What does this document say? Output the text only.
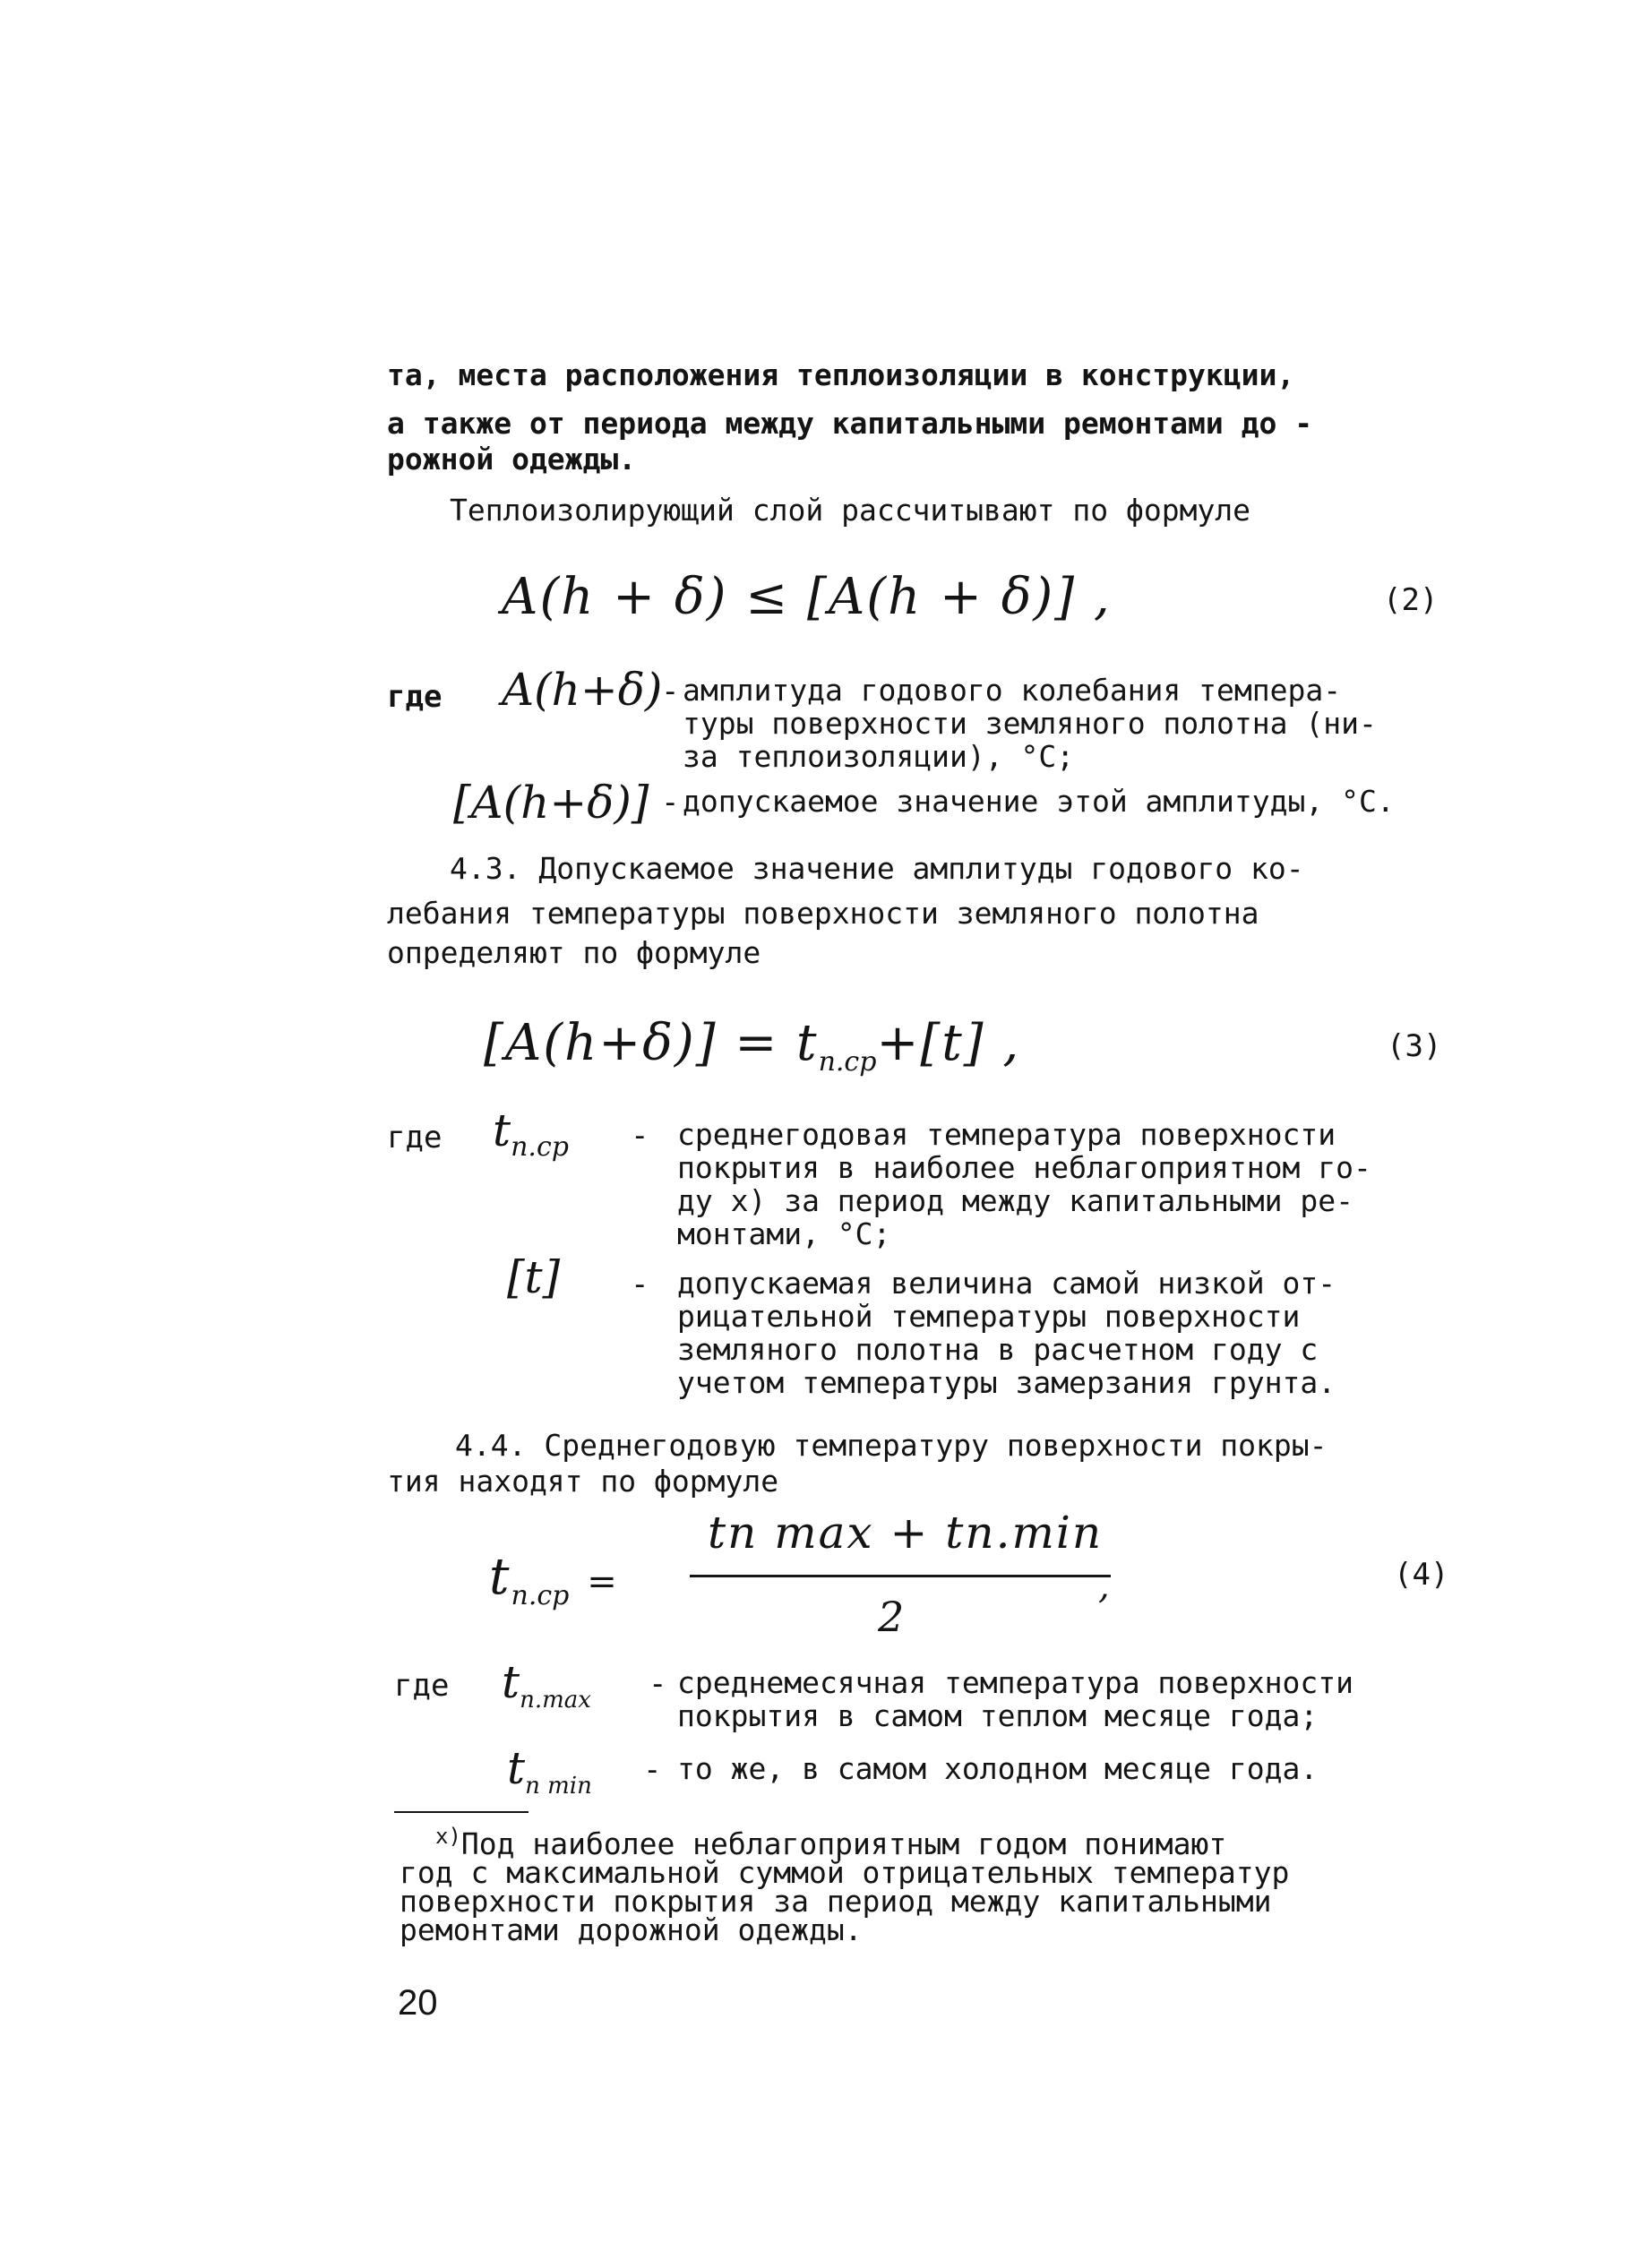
та, места расположения теплоизоляции в конструкции,
а также от периода между капитальными ремонтами до -
рожной одежды.
Теплоизолирующий слой рассчитывают по формуле
A(h + δ) ≤ [A(h + δ)] ,	(2)
где A(h+δ)
- амплитуда годового колебания темпера-
туры поверхности земляного полотна (ни-
за теплоизоляции), °С;
[A(h+δ)] - допускаемое значение этой амплитуды, °С.
4.3. Допускаемое значение амплитуды годового ко-
лебания температуры поверхности земляного полотна
определяют по формуле
$[A(h+\delta)] = t_{п.ср}+[t]$ ,	(3)
где $t_{п.ср}$ - среднегодовая температура поверхности
покрытия в наиболее неблагоприятном го-
ду x) за период между капитальными ре-
монтами, °С;
[t] - допускаемая величина самой низкой от-
рицательной температуры поверхности
земляного полотна в расчетном году с
учетом температуры замерзания грунта.
4.4. Среднегодовую температуру поверхности покры-
тия находят по формуле
tп max + tп.min
2
$t_{п.ср}$ =	,	(4)
где $t_{п.max}$ - среднемесячная температура поверхности
покрытия в самом теплом месяце года;
$t_{п min}$ - то же, в самом холодном месяце года.
$^{x)}$Под наиболее неблагоприятным годом понимают
год с максимальной суммой отрицательных температур
поверхности покрытия за период между капитальными
ремонтами дорожной одежды.
20
